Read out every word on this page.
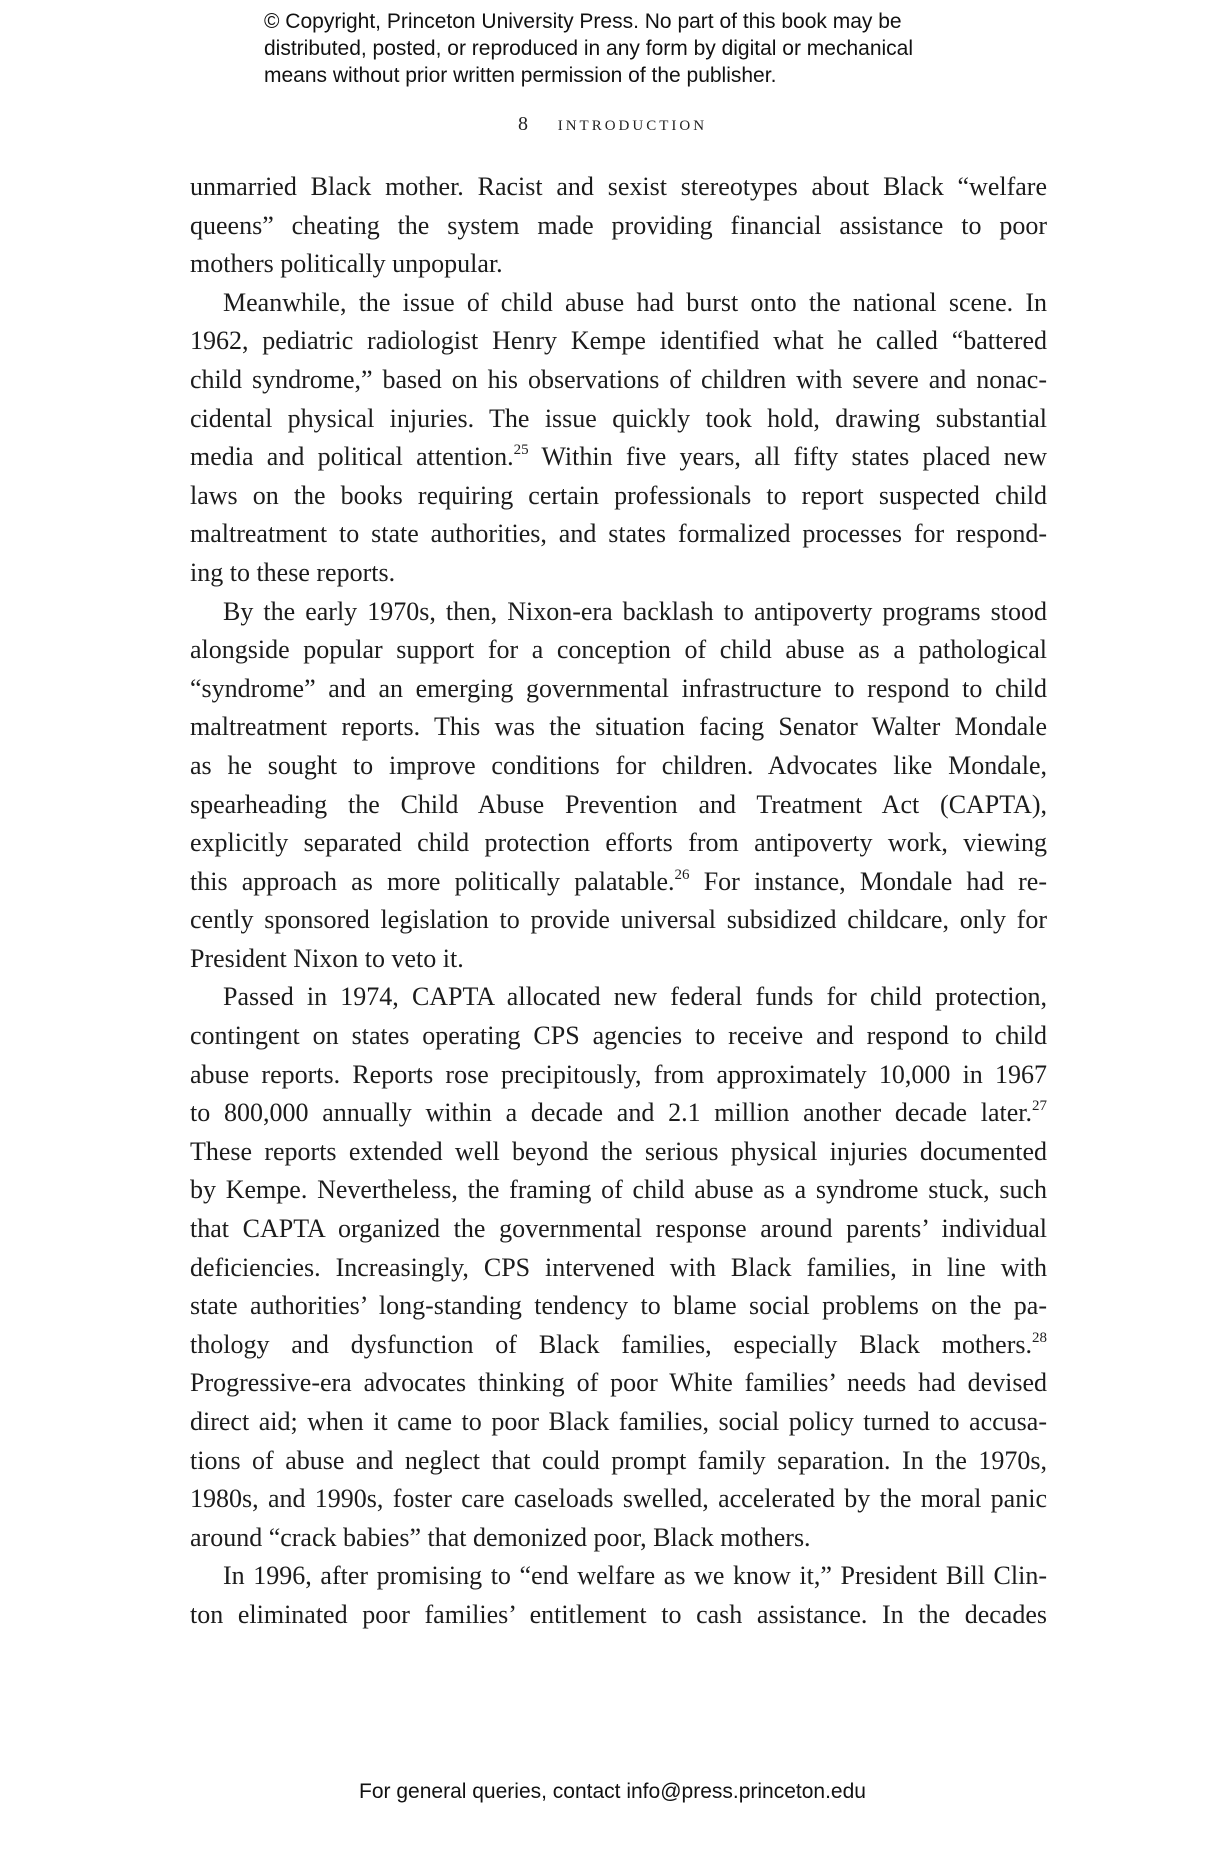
© Copyright, Princeton University Press. No part of this book may be
distributed, posted, or reproduced in any form by digital or mechanical
means without prior written permission of the publisher.
8 introduction
unmarried Black mother. Racist and sexist stereotypes about Black “welfare
queens” cheating the system made providing financial assistance to poor
mothers politically unpopular.
Meanwhile, the issue of child abuse had burst onto the national scene. In
1962, pediatric radiologist Henry Kempe identified what he called “battered
child syndrome,” based on his observations of children with severe and nonac-
cidental physical injuries. The issue quickly took hold, drawing substantial
media and political attention.$^{25}$ Within five years, all fifty states placed new
laws on the books requiring certain professionals to report suspected child
maltreatment to state authorities, and states formalized processes for respond-
ing to these reports.
By the early 1970s, then, Nixon-era backlash to antipoverty programs stood
alongside popular support for a conception of child abuse as a pathological
“syndrome” and an emerging governmental infrastructure to respond to child
maltreatment reports. This was the situation facing Senator Walter Mondale
as he sought to improve conditions for children. Advocates like Mondale,
spearheading the Child Abuse Prevention and Treatment Act (CAPTA),
explicitly separated child protection efforts from antipoverty work, viewing
this approach as more politically palatable.$^{26}$ For instance, Mondale had re-
cently sponsored legislation to provide universal subsidized childcare, only for
President Nixon to veto it.
Passed in 1974, CAPTA allocated new federal funds for child protection,
contingent on states operating CPS agencies to receive and respond to child
abuse reports. Reports rose precipitously, from approximately 10,000 in 1967
to 800,000 annually within a decade and 2.1 million another decade later.$^{27}$
These reports extended well beyond the serious physical injuries documented
by Kempe. Nevertheless, the framing of child abuse as a syndrome stuck, such
that CAPTA organized the governmental response around parents’ individual
deficiencies. Increasingly, CPS intervened with Black families, in line with
state authorities’ long-standing tendency to blame social problems on the pa-
thology and dysfunction of Black families, especially Black mothers.$^{28}$
Progressive-era advocates thinking of poor White families’ needs had devised
direct aid; when it came to poor Black families, social policy turned to accusa-
tions of abuse and neglect that could prompt family separation. In the 1970s,
1980s, and 1990s, foster care caseloads swelled, accelerated by the moral panic
around “crack babies” that demonized poor, Black mothers.
In 1996, after promising to “end welfare as we know it,” President Bill Clin-
ton eliminated poor families’ entitlement to cash assistance. In the decades
For general queries, contact info@press.princeton.edu
